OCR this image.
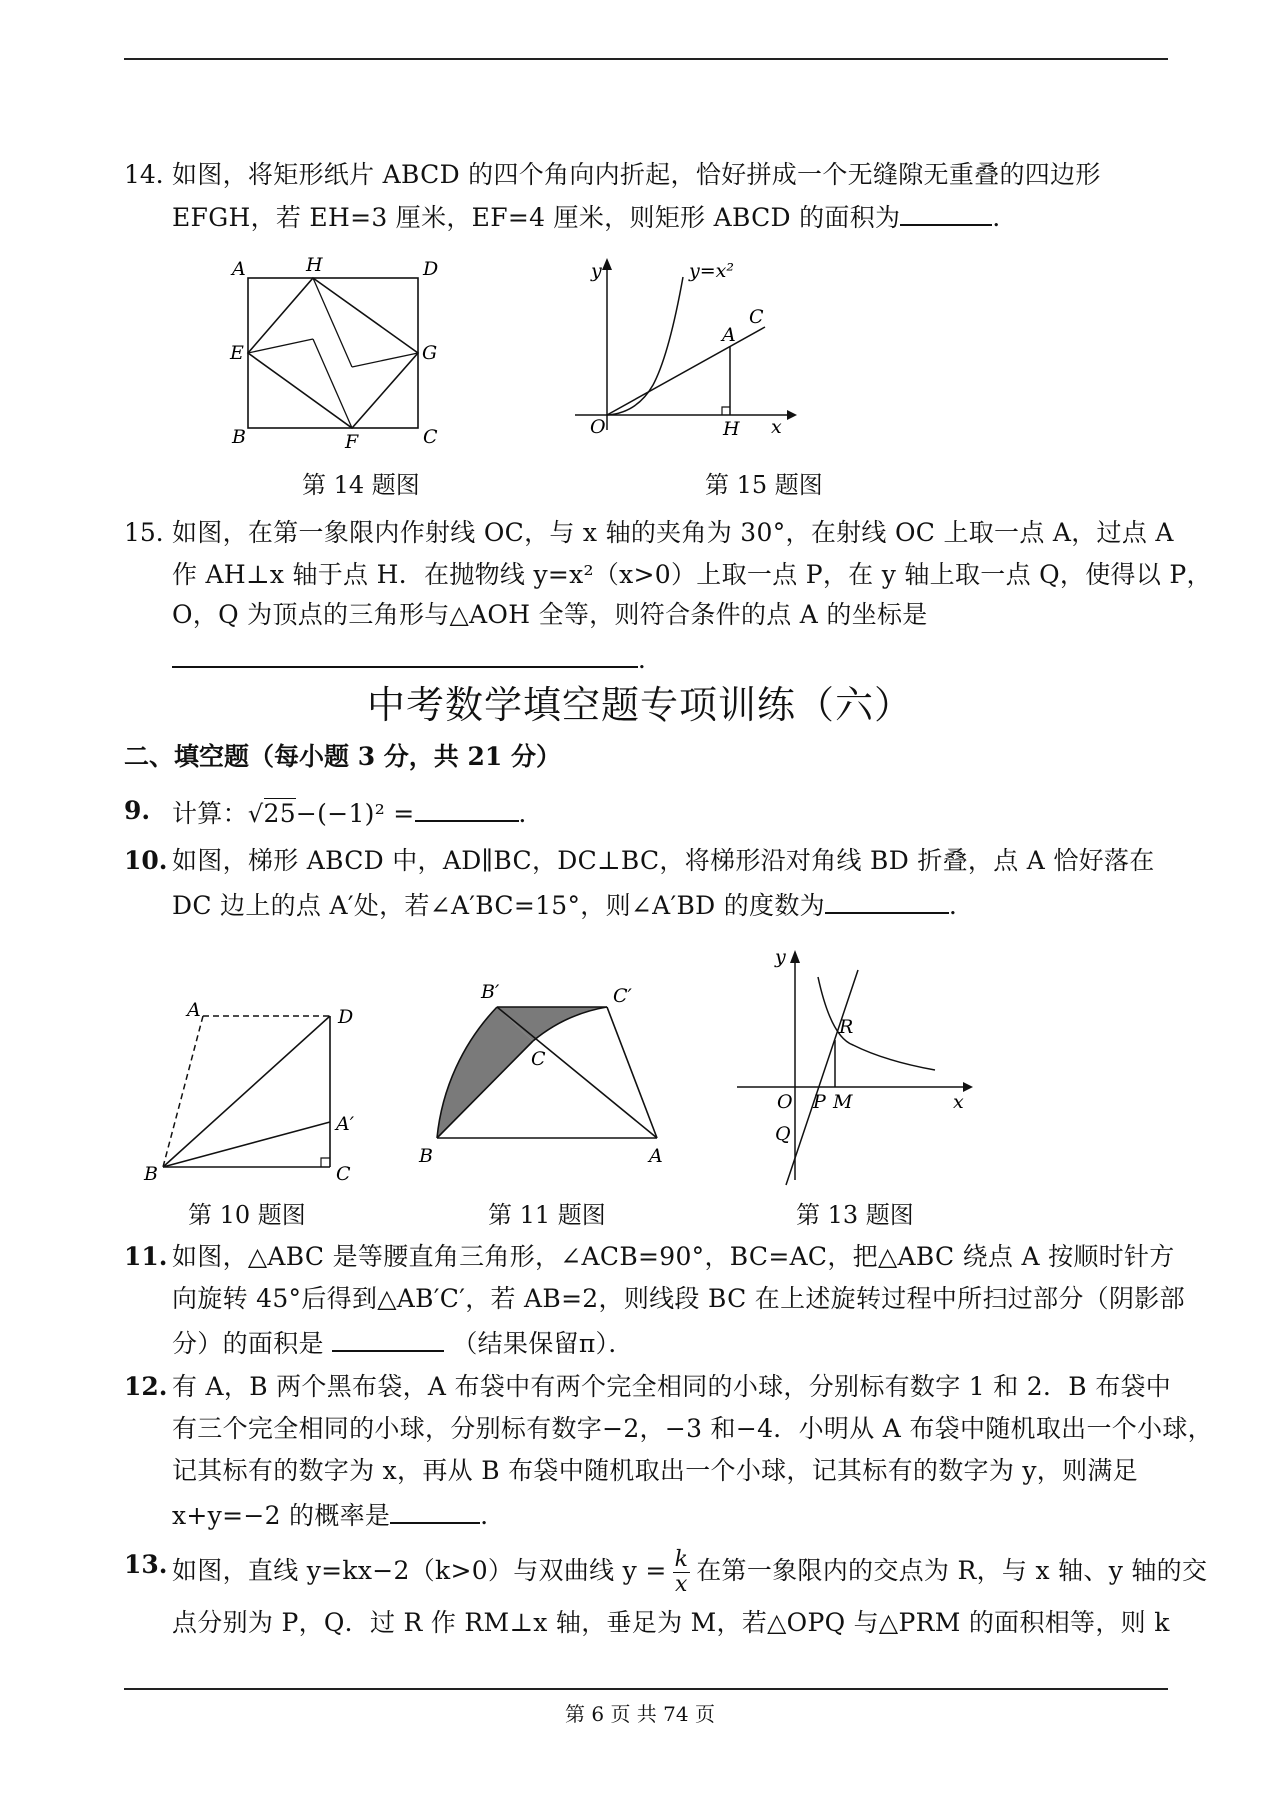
14．
如图，将矩形纸片 ABCD 的四个角向内折起，恰好拼成一个无缝隙无重叠的四边形
EFGH，若 EH=3 厘米，EF=4 厘米，则矩形 ABCD 的面积为	．
A	H	D
E	G
B	F	C
第 14 题图
y	y=x²
C
A
O	H x
第 15 题图
15．
如图，在第一象限内作射线 OC，与 x 轴的夹角为 30°，在射线 OC 上取一点 A，过点 A
作 AH⊥x 轴于点 H．在抛物线 y=x²（x>0）上取一点 P，在 y 轴上取一点 Q，使得以 P，
O，Q 为顶点的三角形与△AOH 全等，则符合条件的点 A 的坐标是
．
中考数学填空题专项训练（六）
二、填空题（每小题 3 分，共 21 分）
9. 计算：√25−(−1)² =	．
10. 如图，梯形 ABCD 中，AD∥BC，DC⊥BC，将梯形沿对角线 BD 折叠，点 A 恰好落在
DC 边上的点 A′处，若∠A′BC=15°，则∠A′BD 的度数为	．
A	D
A′
B	C
第 10 题图
B′	C′
C
B	A
第 11 题图
y
R
O P M	x
Q
第 13 题图
11. 如图，△ABC 是等腰直角三角形，∠ACB=90°，BC=AC，把△ABC 绕点 A 按顺时针方
向旋转 45°后得到△AB′C′，若 AB=2，则线段 BC 在上述旋转过程中所扫过部分（阴影部
分）的面积是	（结果保留π）．
12. 有 A，B 两个黑布袋，A 布袋中有两个完全相同的小球，分别标有数字 1 和 2．B 布袋中
有三个完全相同的小球，分别标有数字−2，−3 和−4．小明从 A 布袋中随机取出一个小球，
记其标有的数字为 x，再从 B 布袋中随机取出一个小球，记其标有的数字为 y，则满足
x+y=−2 的概率是	．
13. 如图，直线 y=kx−2（k>0）与双曲线 $y = \frac{k}{x}$ 在第一象限内的交点为 R，与 x 轴、y 轴的交
点分别为 P，Q．过 R 作 RM⊥x 轴，垂足为 M，若△OPQ 与△PRM 的面积相等，则 k
第 6 页 共 74 页
